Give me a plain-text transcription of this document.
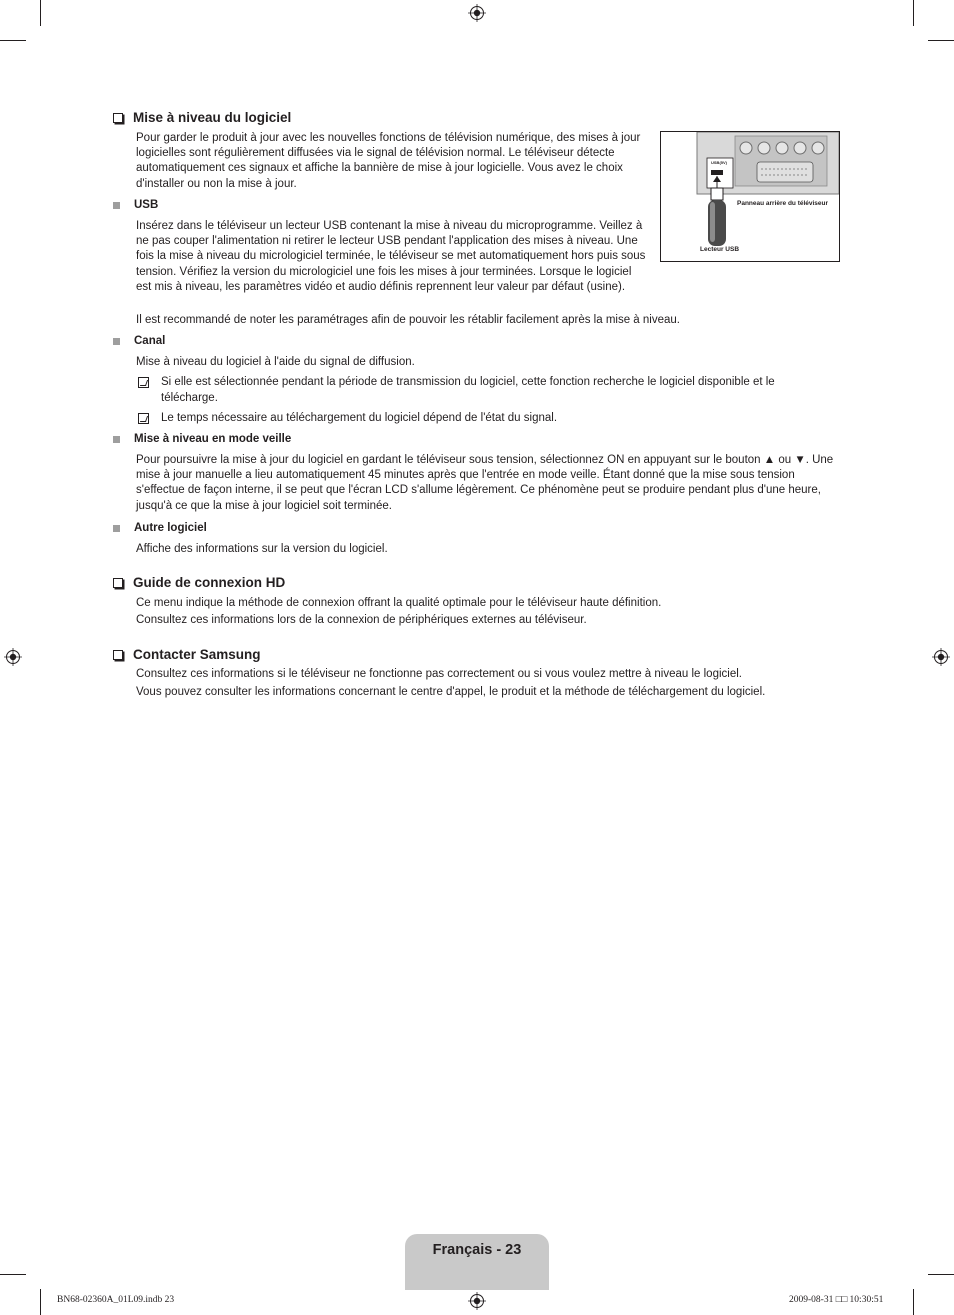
Mise à niveau du logiciel

Pour garder le produit à jour avec les nouvelles fonctions de télévision numérique, des mises à jour logicielles sont régulièrement diffusées via le signal de télévision normal. Le téléviseur détecte automatiquement ces signaux et affiche la bannière de mise à jour logicielle. Vous avez le choix d'installer ou non la mise à jour.

USB(5V)
Panneau arrière du téléviseur
Lecteur USB
USB

Insérez dans le téléviseur un lecteur USB contenant la mise à niveau du microprogramme. Veillez à ne pas couper l'alimentation ni retirer le lecteur USB pendant l'application des mises à niveau. Une fois la mise à niveau du micrologiciel terminée, le téléviseur se met automatiquement hors puis sous tension. Vérifiez la version du micrologiciel une fois les mises à jour terminées. Lorsque le logiciel est mis à niveau, les paramètres vidéo et audio définis reprennent leur valeur par défaut (usine).

Il est recommandé de noter les paramétrages afin de pouvoir les rétablir facilement après la mise à niveau.

Canal

Mise à niveau du logiciel à l'aide du signal de diffusion.

Si elle est sélectionnée pendant la période de transmission du logiciel, cette fonction recherche le logiciel disponible et le télécharge.
Le temps nécessaire au téléchargement du logiciel dépend de l'état du signal.
Mise à niveau en mode veille

Pour poursuivre la mise à jour du logiciel en gardant le téléviseur sous tension, sélectionnez ON en appuyant sur le bouton ▲ ou ▼. Une mise à jour manuelle a lieu automatiquement 45 minutes après que l'entrée en mode veille. Étant donné que la mise sous tension s'effectue de façon interne, il se peut que l'écran LCD s'allume légèrement. Ce phénomène peut se produire pendant plus d'une heure, jusqu'à ce que la mise à jour logiciel soit terminée.

Autre logiciel

Affiche des informations sur la version du logiciel.

Guide de connexion HD

Ce menu indique la méthode de connexion offrant la qualité optimale pour le téléviseur haute définition.

Consultez ces informations lors de la connexion de périphériques externes au téléviseur.

Contacter Samsung

Consultez ces informations si le téléviseur ne fonctionne pas correctement ou si vous voulez mettre à niveau le logiciel.

Vous pouvez consulter les informations concernant le centre d'appel, le produit et la méthode de téléchargement du logiciel.

Français - 23
BN68-02360A_01L09.indb 23	2009-08-31 □□ 10:30:51
